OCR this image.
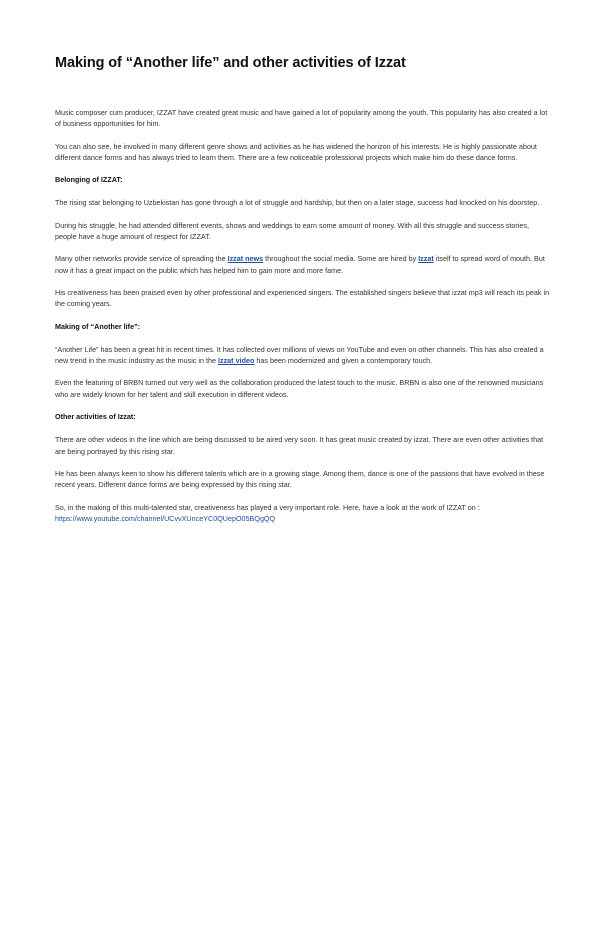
Making of “Another life” and other activities of Izzat

Music composer cum producer, IZZAT have created great music and have gained a lot of popularity among the youth. This popularity has also created a lot of business opportunities for him.

You can also see, he involved in many different genre shows and activities as he has widened the horizon of his interests. He is highly passionate about different dance forms and has always tried to learn them. There are a few noticeable professional projects which make him do these dance forms.

Belonging of IZZAT:

The rising star belonging to Uzbekistan has gone through a lot of struggle and hardship, but then on a later stage, success had knocked on his doorstep.

During his struggle, he had attended different events, shows and weddings to earn some amount of money. With all this struggle and success stories, people have a huge amount of respect for IZZAT.

Many other networks provide service of spreading the Izzat news throughout the social media. Some are hired by Izzat itself to spread word of mouth. But now it has a great impact on the public which has helped him to gain more and more fame.

His creativeness has been praised even by other professional and experienced singers. The established singers believe that izzat mp3 will reach its peak in the coming years.

Making of “Another life”:

“Another Life” has been a great hit in recent times. It has collected over millions of views on YouTube and even on other channels. This has also created a new trend in the music industry as the music in the Izzat video has been modernized and given a contemporary touch.

Even the featuring of BRBN turned out very well as the collaboration produced the latest touch to the music. BRBN is also one of the renowned musicians who are widely known for her talent and skill execution in different videos.

Other activities of Izzat:

There are other videos in the line which are being discussed to be aired very soon. It has great music created by izzat. There are even other activities that are being portrayed by this rising star.

He has been always keen to show his different talents which are in a growing stage. Among them, dance is one of the passions that have evolved in these recent years. Different dance forms are being expressed by this rising star.

So, in the making of this multi-talented star, creativeness has played a very important role. Here, have a look at the work of IZZAT on :
https://www.youtube.com/channel/UCvvXUnceYC0QUepO05BQgQQ
